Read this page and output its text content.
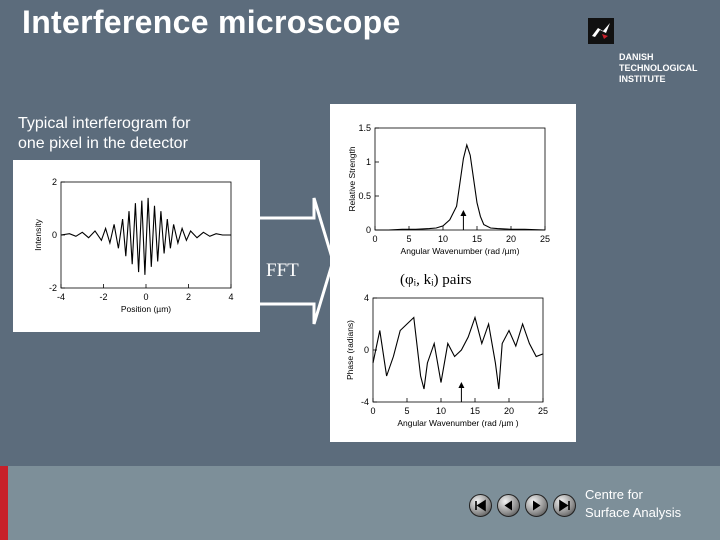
Interference microscope
DANISH
TECHNOLOGICAL
INSTITUTE
Typical interferogram for
one pixel in the detector
-4	-2	0	2	4
2
0
-2
Position (µm)
Intensity
FFT
0	5	10	15	20	25
1.5
1
0.5
0
Angular Wavenumber (rad /µm)
Relative Strength
(φᵢ, kᵢ) pairs
0	5	10	15	20	25
4
0
-4
Angular Wavenumber (rad /µm )
Phase (radians)
Centre for
Surface Analysis
